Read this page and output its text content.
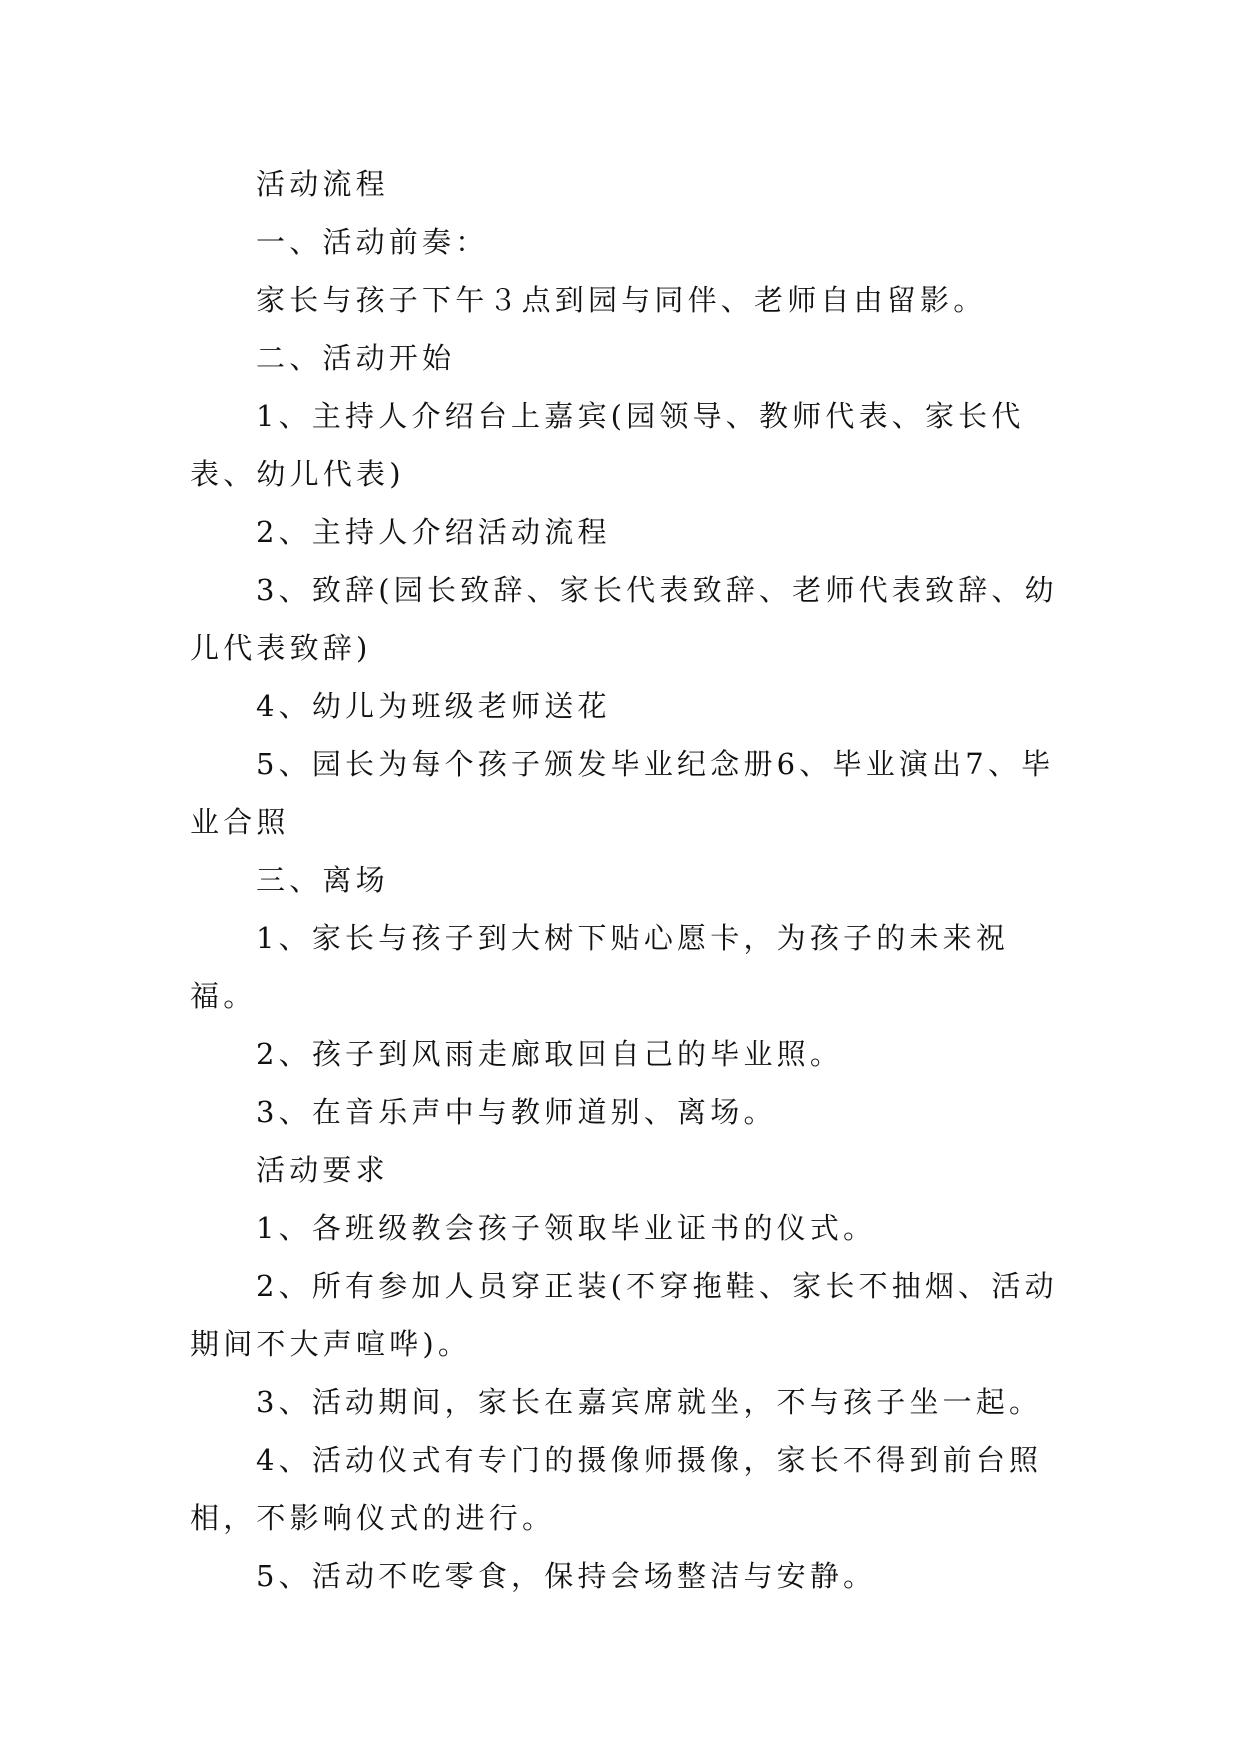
活动流程

一、活动前奏：

家长与孩子下午３点到园与同伴、老师自由留影。

二、活动开始

1、主持人介绍台上嘉宾(园领导、教师代表、家长代表、幼儿代表)

2、主持人介绍活动流程

3、致辞(园长致辞、家长代表致辞、老师代表致辞、幼儿代表致辞)

4、幼儿为班级老师送花

5、园长为每个孩子颁发毕业纪念册6、毕业演出7、毕业合照

三、离场

1、家长与孩子到大树下贴心愿卡，为孩子的未来祝福。

2、孩子到风雨走廊取回自己的毕业照。

3、在音乐声中与教师道别、离场。

活动要求

1、各班级教会孩子领取毕业证书的仪式。

2、所有参加人员穿正装(不穿拖鞋、家长不抽烟、活动期间不大声喧哗)。

3、活动期间，家长在嘉宾席就坐，不与孩子坐一起。

4、活动仪式有专门的摄像师摄像，家长不得到前台照相，不影响仪式的进行。

5、活动不吃零食，保持会场整洁与安静。
